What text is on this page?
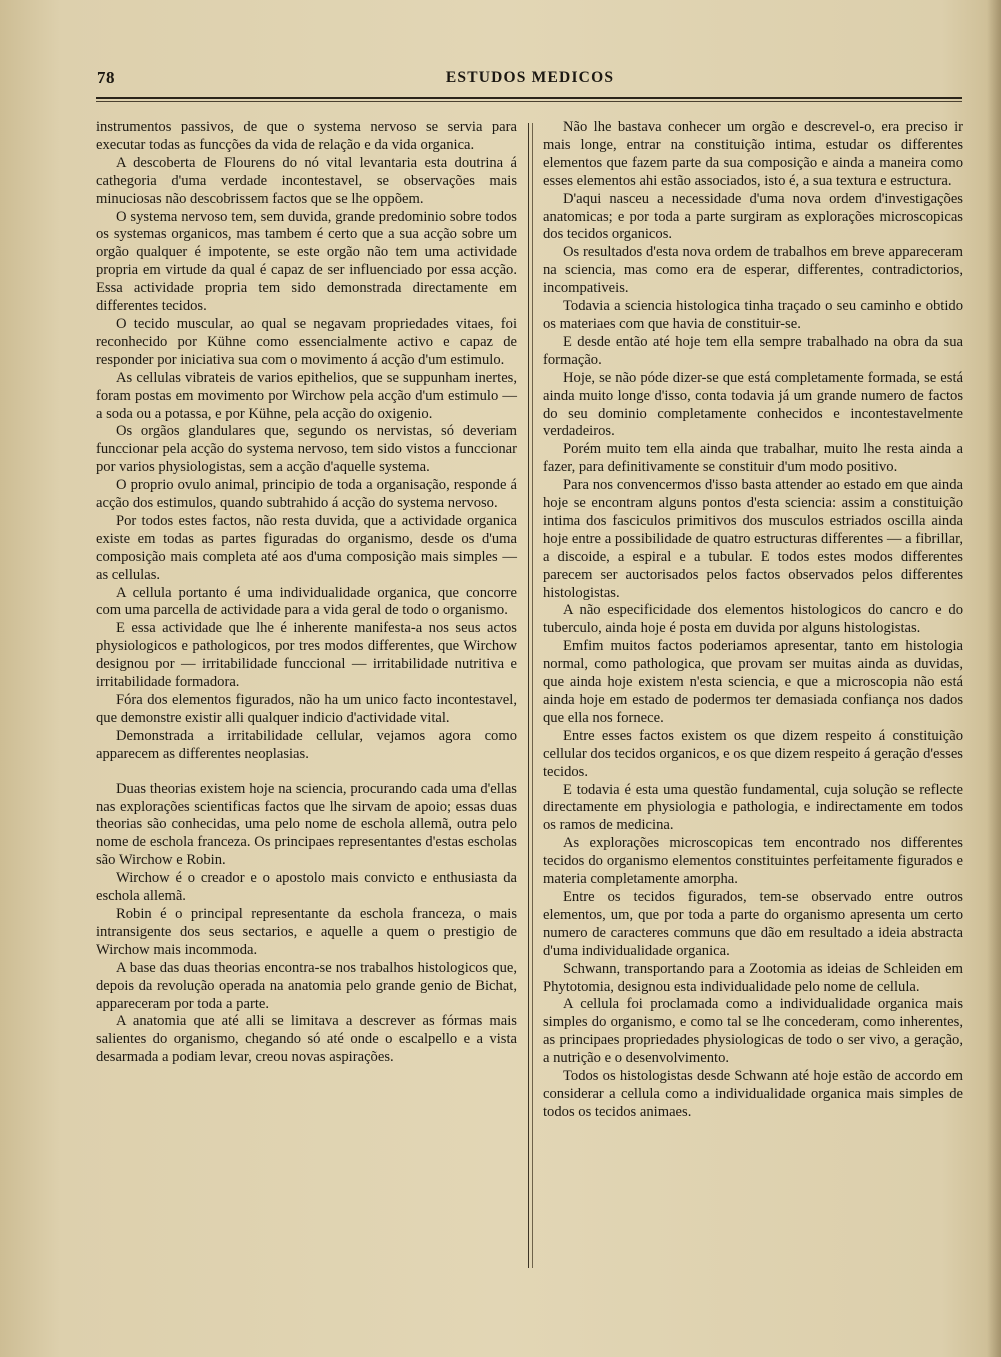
78	ESTUDOS MEDICOS

instrumentos passivos, de que o systema nervoso se servia para executar todas as funcções da vida de relação e da vida organica.

A descoberta de Flourens do nó vital levantaria esta doutrina á cathegoria d'uma verdade incontestavel, se observações mais minuciosas não descobrissem factos que se lhe oppõem.

O systema nervoso tem, sem duvida, grande predominio sobre todos os systemas organicos, mas tambem é certo que a sua acção sobre um orgão qualquer é impotente, se este orgão não tem uma actividade propria em virtude da qual é capaz de ser influenciado por essa acção. Essa actividade propria tem sido demonstrada directamente em differentes tecidos.

O tecido muscular, ao qual se negavam propriedades vitaes, foi reconhecido por Kühne como essencialmente activo e capaz de responder por iniciativa sua com o movimento á acção d'um estimulo.

As cellulas vibrateis de varios epithelios, que se suppunham inertes, foram postas em movimento por Wirchow pela acção d'um estimulo — a soda ou a potassa, e por Kühne, pela acção do oxigenio.

Os orgãos glandulares que, segundo os nervistas, só deveriam funccionar pela acção do systema nervoso, tem sido vistos a funccionar por varios physiologistas, sem a acção d'aquelle systema.

O proprio ovulo animal, principio de toda a organisação, responde á acção dos estimulos, quando subtrahido á acção do systema nervoso.

Por todos estes factos, não resta duvida, que a actividade organica existe em todas as partes figuradas do organismo, desde os d'uma composição mais completa até aos d'uma composição mais simples — as cellulas.

A cellula portanto é uma individualidade organica, que concorre com uma parcella de actividade para a vida geral de todo o organismo.

E essa actividade que lhe é inherente manifesta-a nos seus actos physiologicos e pathologicos, por tres modos differentes, que Wirchow designou por — irritabilidade funccional — irritabilidade nutritiva e irritabilidade formadora.

Fóra dos elementos figurados, não ha um unico facto incontestavel, que demonstre existir alli qualquer indicio d'actividade vital.

Demonstrada a irritabilidade cellular, vejamos agora como apparecem as differentes neoplasias.

Duas theorias existem hoje na sciencia, procurando cada uma d'ellas nas explorações scientificas factos que lhe sirvam de apoio; essas duas theorias são conhecidas, uma pelo nome de eschola allemã, outra pelo nome de eschola franceza. Os principaes representantes d'estas escholas são Wirchow e Robin.

Wirchow é o creador e o apostolo mais convicto e enthusiasta da eschola allemã.

Robin é o principal representante da eschola franceza, o mais intransigente dos seus sectarios, e aquelle a quem o prestigio de Wirchow mais incommoda.

A base das duas theorias encontra-se nos trabalhos histologicos que, depois da revolução operada na anatomia pelo grande genio de Bichat, appareceram por toda a parte.

A anatomia que até alli se limitava a descrever as fórmas mais salientes do organismo, chegando só até onde o escalpello e a vista desarmada a podiam levar, creou novas aspirações.

Não lhe bastava conhecer um orgão e descrevel-o, era preciso ir mais longe, entrar na constituição intima, estudar os differentes elementos que fazem parte da sua composição e ainda a maneira como esses elementos ahi estão associados, isto é, a sua textura e estructura.

D'aqui nasceu a necessidade d'uma nova ordem d'investigações anatomicas; e por toda a parte surgiram as explorações microscopicas dos tecidos organicos.

Os resultados d'esta nova ordem de trabalhos em breve appareceram na sciencia, mas como era de esperar, differentes, contradictorios, incompativeis.

Todavia a sciencia histologica tinha traçado o seu caminho e obtido os materiaes com que havia de constituir-se.

E desde então até hoje tem ella sempre trabalhado na obra da sua formação.

Hoje, se não póde dizer-se que está completamente formada, se está ainda muito longe d'isso, conta todavia já um grande numero de factos do seu dominio completamente conhecidos e incontestavelmente verdadeiros.

Porém muito tem ella ainda que trabalhar, muito lhe resta ainda a fazer, para definitivamente se constituir d'um modo positivo.

Para nos convencermos d'isso basta attender ao estado em que ainda hoje se encontram alguns pontos d'esta sciencia: assim a constituição intima dos fasciculos primitivos dos musculos estriados oscilla ainda hoje entre a possibilidade de quatro estructuras differentes — a fibrillar, a discoide, a espiral e a tubular. E todos estes modos differentes parecem ser auctorisados pelos factos observados pelos differentes histologistas.

A não especificidade dos elementos histologicos do cancro e do tuberculo, ainda hoje é posta em duvida por alguns histologistas.

Emfim muitos factos poderiamos apresentar, tanto em histologia normal, como pathologica, que provam ser muitas ainda as duvidas, que ainda hoje existem n'esta sciencia, e que a microscopia não está ainda hoje em estado de podermos ter demasiada confiança nos dados que ella nos fornece.

Entre esses factos existem os que dizem respeito á constituição cellular dos tecidos organicos, e os que dizem respeito á geração d'esses tecidos.

E todavia é esta uma questão fundamental, cuja solução se reflecte directamente em physiologia e pathologia, e indirectamente em todos os ramos de medicina.

As explorações microscopicas tem encontrado nos differentes tecidos do organismo elementos constituintes perfeitamente figurados e materia completamente amorpha.

Entre os tecidos figurados, tem-se observado entre outros elementos, um, que por toda a parte do organismo apresenta um certo numero de caracteres communs que dão em resultado a ideia abstracta d'uma individualidade organica.

Schwann, transportando para a Zootomia as ideias de Schleiden em Phytotomia, designou esta individualidade pelo nome de cellula.

A cellula foi proclamada como a individualidade organica mais simples do organismo, e como tal se lhe concederam, como inherentes, as principaes propriedades physiologicas de todo o ser vivo, a geração, a nutrição e o desenvolvimento.

Todos os histologistas desde Schwann até hoje estão de accordo em considerar a cellula como a individualidade organica mais simples de todos os tecidos animaes.
